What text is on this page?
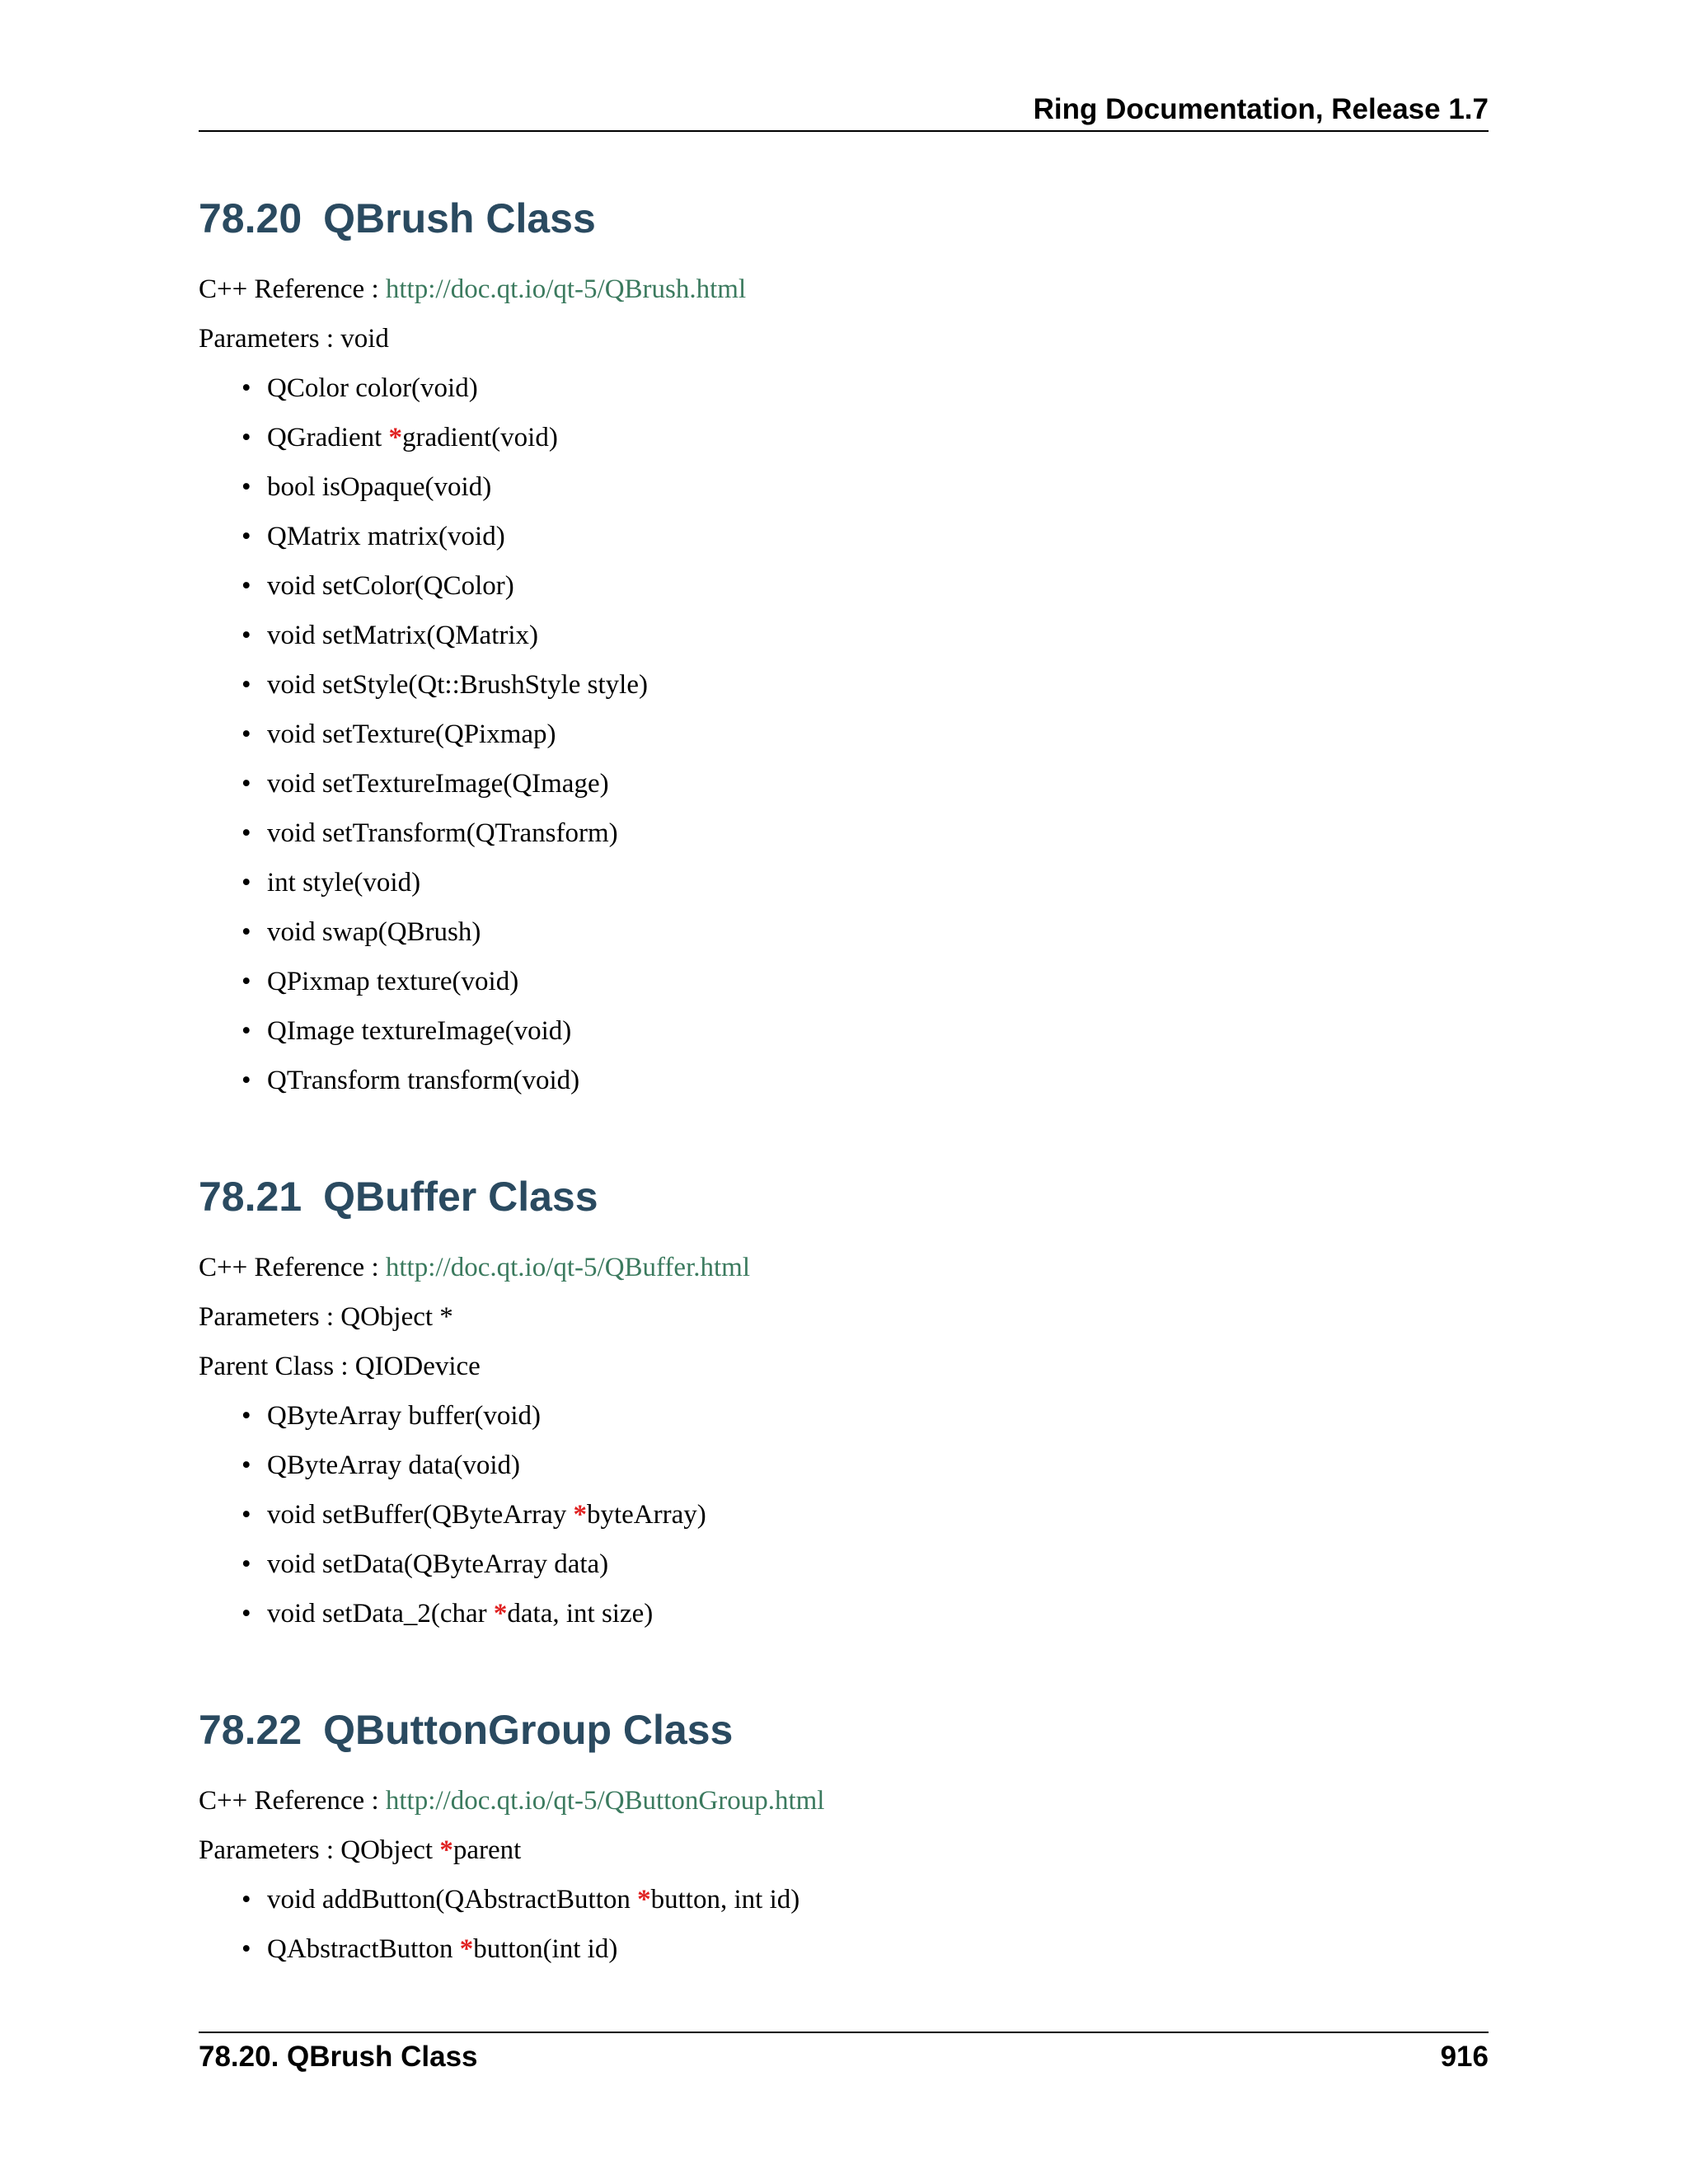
Ring Documentation, Release 1.7
78.20 QBrush Class

C++ Reference : http://doc.qt.io/qt-5/QBrush.html

Parameters : void

• QColor color(void)
• QGradient *gradient(void)
• bool isOpaque(void)
• QMatrix matrix(void)
• void setColor(QColor)
• void setMatrix(QMatrix)
• void setStyle(Qt::BrushStyle style)
• void setTexture(QPixmap)
• void setTextureImage(QImage)
• void setTransform(QTransform)
• int style(void)
• void swap(QBrush)
• QPixmap texture(void)
• QImage textureImage(void)
• QTransform transform(void)
78.21 QBuffer Class

C++ Reference : http://doc.qt.io/qt-5/QBuffer.html

Parameters : QObject *

Parent Class : QIODevice

• QByteArray buffer(void)
• QByteArray data(void)
• void setBuffer(QByteArray *byteArray)
• void setData(QByteArray data)
• void setData_2(char *data, int size)
78.22 QButtonGroup Class

C++ Reference : http://doc.qt.io/qt-5/QButtonGroup.html

Parameters : QObject *parent

• void addButton(QAbstractButton *button, int id)
• QAbstractButton *button(int id)
78.20. QBrush Class	916
